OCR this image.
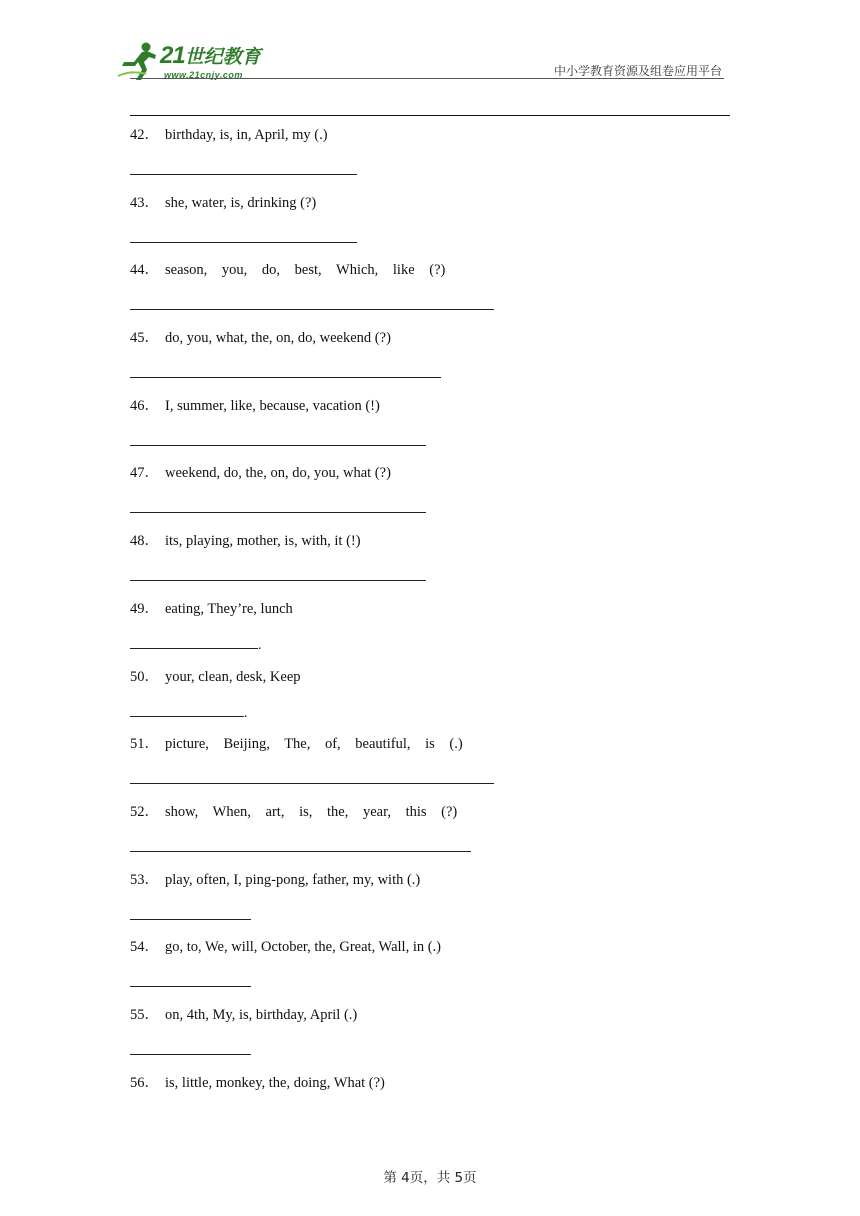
21世纪教育
www.21cnjy.com	中小学教育资源及组卷应用平台
42． birthday, is, in, April, my (.)
43． she, water, is, drinking (?)
44． season, you, do, best, Which, like (?)
45． do, you, what, the, on, do, weekend (?)
46． I, summer, like, because, vacation (!)
47． weekend, do, the, on, do, you, what (?)
48． its, playing, mother, is, with, it (!)
49． eating, They’re, lunch
.
50． your, clean, desk, Keep
.
51． picture, Beijing, The, of, beautiful, is (.)
52． show, When, art, is, the, year, this (?)
53． play, often, I, ping-pong, father, my, with (.)
54． go, to, We, will, October, the, Great, Wall, in (.)
55． on, 4th, My, is, birthday, April (.)
56． is, little, monkey, the, doing, What (?)
第 4页，共 5页
